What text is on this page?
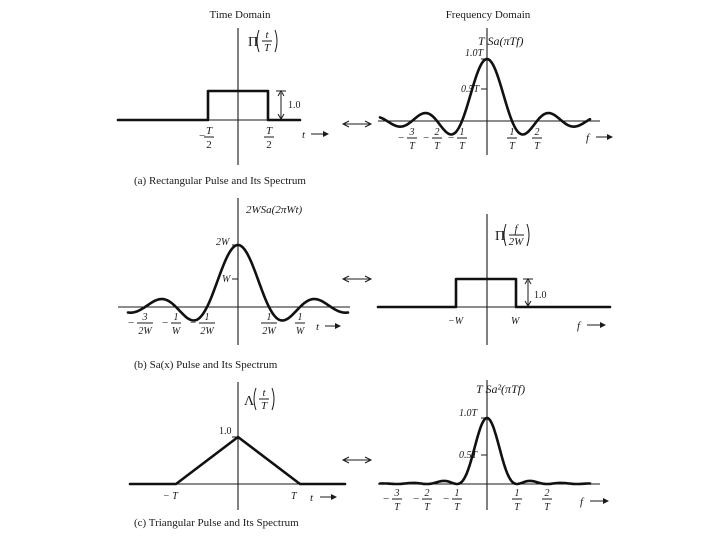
Time Domain	Frequency Domain
Π t
T
1.0
− T
2
T
2
t
T Sa(πTf)
1.0T
0.5T
− 3
T
− 2
T
− 1
T
1
T
2
T
f
(a) Rectangular Pulse and Its Spectrum
2WSa(2πWt)
2W
W
− 3
2W
− 1
W
− 1
2W
1
2W
1
W t
Π f
2W
1.0
−W	W	f
(b) Sa(x) Pulse and Its Spectrum
Λ
t
T
1.0
− T	T t
T Sa²(πTf)
1.0T
0.5T
− 3
T
− 2
T
− 1
T
1
T
2
T	f
(c) Triangular Pulse and Its Spectrum
